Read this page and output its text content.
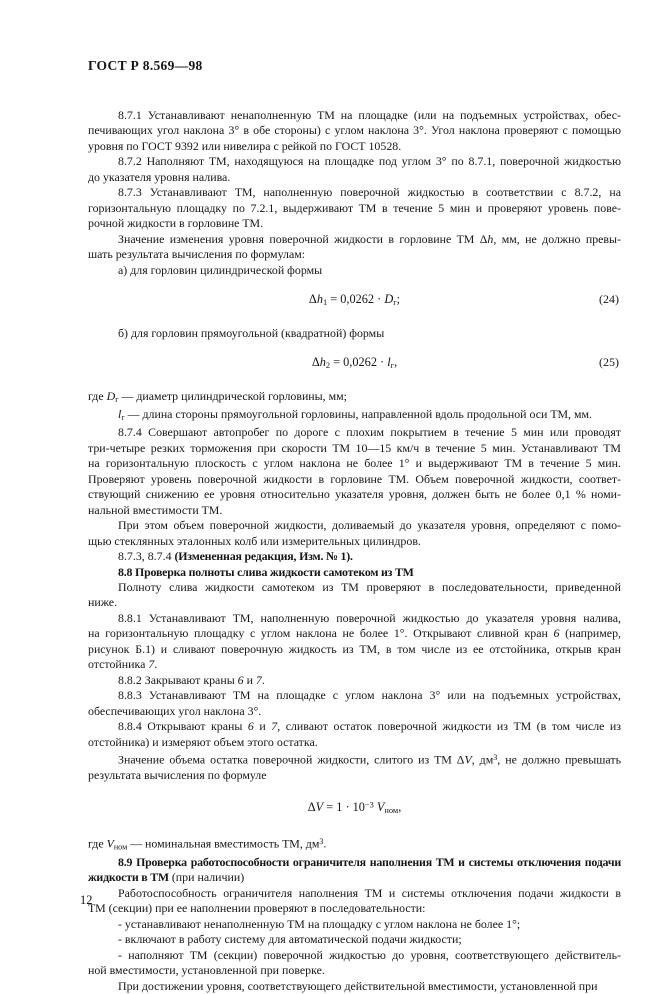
ГОСТ Р 8.569—98
8.7.1 Устанавливают ненаполненную ТМ на площадке (или на подъемных устройствах, обес-
печивающих угол наклона 3° в обе стороны) с углом наклона 3°. Угол наклона проверяют с помощью
уровня по ГОСТ 9392 или нивелира с рейкой по ГОСТ 10528.
8.7.2 Наполняют ТМ, находящуюся на площадке под углом 3° по 8.7.1, поверочной жидкостью
до указателя уровня налива.
8.7.3 Устанавливают ТМ, наполненную поверочной жидкостью в соответствии с 8.7.2, на
горизонтальную площадку по 7.2.1, выдерживают ТМ в течение 5 мин и проверяют уровень пове-
рочной жидкости в горловине ТМ.
Значение изменения уровня поверочной жидкости в горловине ТМ Δh, мм, не должно превы-
шать результата вычисления по формулам:
а) для горловин цилиндрической формы
$\Delta h_1 = 0,0262 \cdot D_г$;	(24)
б) для горловин прямоугольной (квадратной) формы
$\Delta h_2 = 0,0262 \cdot l_г$,	(25)
где $D_г$ — диаметр цилиндрической горловины, мм;
$l_г$ — длина стороны прямоугольной горловины, направленной вдоль продольной оси ТМ, мм.
8.7.4 Совершают автопробег по дороге с плохим покрытием в течение 5 мин или проводят
три-четыре резких торможения при скорости ТМ 10—15 км/ч в течение 5 мин. Устанавливают ТМ
на горизонтальную плоскость с углом наклона не более 1° и выдерживают ТМ в течение 5 мин.
Проверяют уровень поверочной жидкости в горловине ТМ. Объем поверочной жидкости, соответ-
ствующий снижению ее уровня относительно указателя уровня, должен быть не более 0,1 % номи-
нальной вместимости ТМ.
При этом объем поверочной жидкости, доливаемый до указателя уровня, определяют с помо-
щью стеклянных эталонных колб или измерительных цилиндров.
8.7.3, 8.7.4 (Измененная редакция, Изм. № 1).
8.8 Проверка полноты слива жидкости самотеком из ТМ
Полноту слива жидкости самотеком из ТМ проверяют в последовательности, приведенной
ниже.
8.8.1 Устанавливают ТМ, наполненную поверочной жидкостью до указателя уровня налива,
на горизонтальную площадку с углом наклона не более 1°. Открывают сливной кран 6 (например,
рисунок Б.1) и сливают поверочную жидкость из ТМ, в том числе из ее отстойника, открыв кран
отстойника 7.
8.8.2 Закрывают краны 6 и 7.
8.8.3 Устанавливают ТМ на площадке с углом наклона 3° или на подъемных устройствах,
обеспечивающих угол наклона 3°.
8.8.4 Открывают краны 6 и 7, сливают остаток поверочной жидкости из ТМ (в том числе из
отстойника) и измеряют объем этого остатка.
Значение объема остатка поверочной жидкости, слитого из ТМ ΔV, $дм^3$, не должно превышать
результата вычисления по формуле
$\Delta V = 1 \cdot 10^{-3}$ $V_{ном}$,
где $V_{ном}$ — номинальная вместимость ТМ, $дм^3$.
8.9 Проверка работоспособности ограничителя наполнения ТМ и системы отключения подачи
жидкости в ТМ (при наличии)
Работоспособность ограничителя наполнения ТМ и системы отключения подачи жидкости в
ТМ (секции) при ее наполнении проверяют в последовательности:
- устанавливают ненаполненную ТМ на площадку с углом наклона не более 1°;
- включают в работу систему для автоматической подачи жидкости;
- наполняют ТМ (секции) поверочной жидкостью до уровня, соответствующего действитель-
ной вместимости, установленной при поверке.
При достижении уровня, соответствующего действительной вместимости, установленной при
12
